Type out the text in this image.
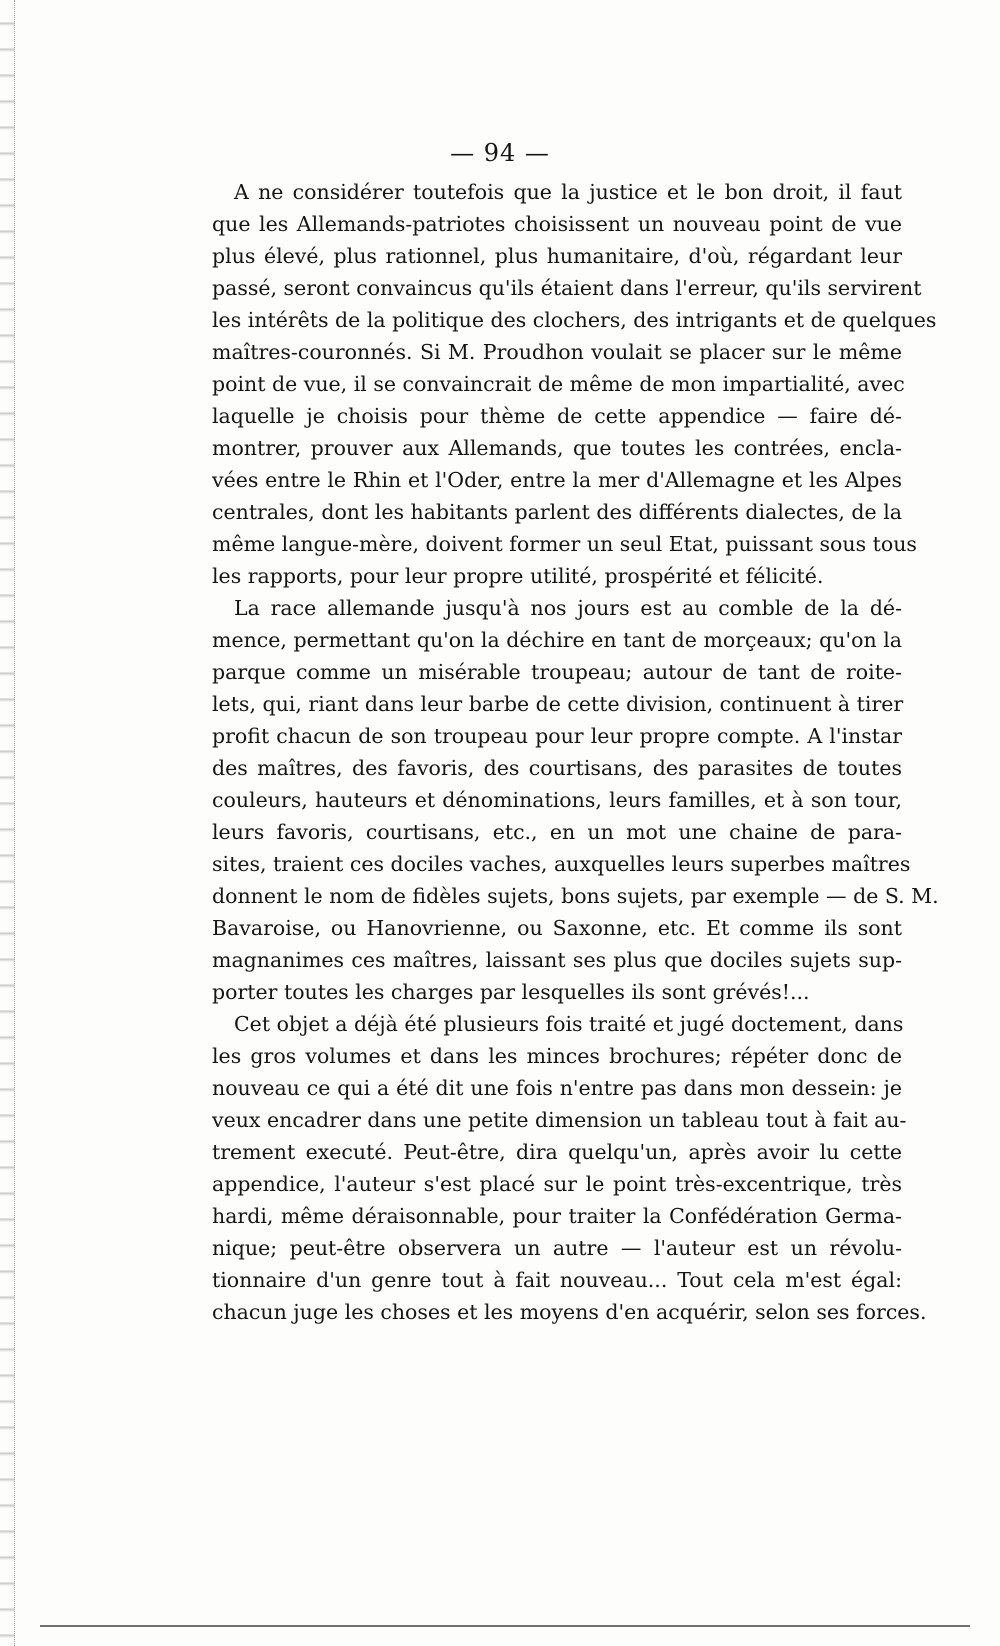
— 94 —
A ne considérer toutefois que la justice et le bon droit, il faut
que les Allemands-patriotes choisissent un nouveau point de vue
plus élevé, plus rationnel, plus humanitaire, d'où, régardant leur
passé, seront convaincus qu'ils étaient dans l'erreur, qu'ils servirent
les intérêts de la politique des clochers, des intrigants et de quelques
maîtres-couronnés. Si M. Proudhon voulait se placer sur le même
point de vue, il se convaincrait de même de mon impartialité, avec
laquelle je choisis pour thème de cette appendice — faire dé-
montrer, prouver aux Allemands, que toutes les contrées, encla-
vées entre le Rhin et l'Oder, entre la mer d'Allemagne et les Alpes
centrales, dont les habitants parlent des différents dialectes, de la
même langue-mère, doivent former un seul Etat, puissant sous tous
les rapports, pour leur propre utilité, prospérité et félicité.
La race allemande jusqu'à nos jours est au comble de la dé-
mence, permettant qu'on la déchire en tant de morçeaux; qu'on la
parque comme un misérable troupeau; autour de tant de roite-
lets, qui, riant dans leur barbe de cette division, continuent à tirer
profit chacun de son troupeau pour leur propre compte. A l'instar
des maîtres, des favoris, des courtisans, des parasites de toutes
couleurs, hauteurs et dénominations, leurs familles, et à son tour,
leurs favoris, courtisans, etc., en un mot une chaine de para-
sites, traient ces dociles vaches, auxquelles leurs superbes maîtres
donnent le nom de fidèles sujets, bons sujets, par exemple — de S. M.
Bavaroise, ou Hanovrienne, ou Saxonne, etc. Et comme ils sont
magnanimes ces maîtres, laissant ses plus que dociles sujets sup-
porter toutes les charges par lesquelles ils sont grévés!...
Cet objet a déjà été plusieurs fois traité et jugé doctement, dans
les gros volumes et dans les minces brochures; répéter donc de
nouveau ce qui a été dit une fois n'entre pas dans mon dessein: je
veux encadrer dans une petite dimension un tableau tout à fait au-
trement executé. Peut-être, dira quelqu'un, après avoir lu cette
appendice, l'auteur s'est placé sur le point très-excentrique, très
hardi, même déraisonnable, pour traiter la Confédération Germa-
nique; peut-être observera un autre — l'auteur est un révolu-
tionnaire d'un genre tout à fait nouveau... Tout cela m'est égal:
chacun juge les choses et les moyens d'en acquérir, selon ses forces.
